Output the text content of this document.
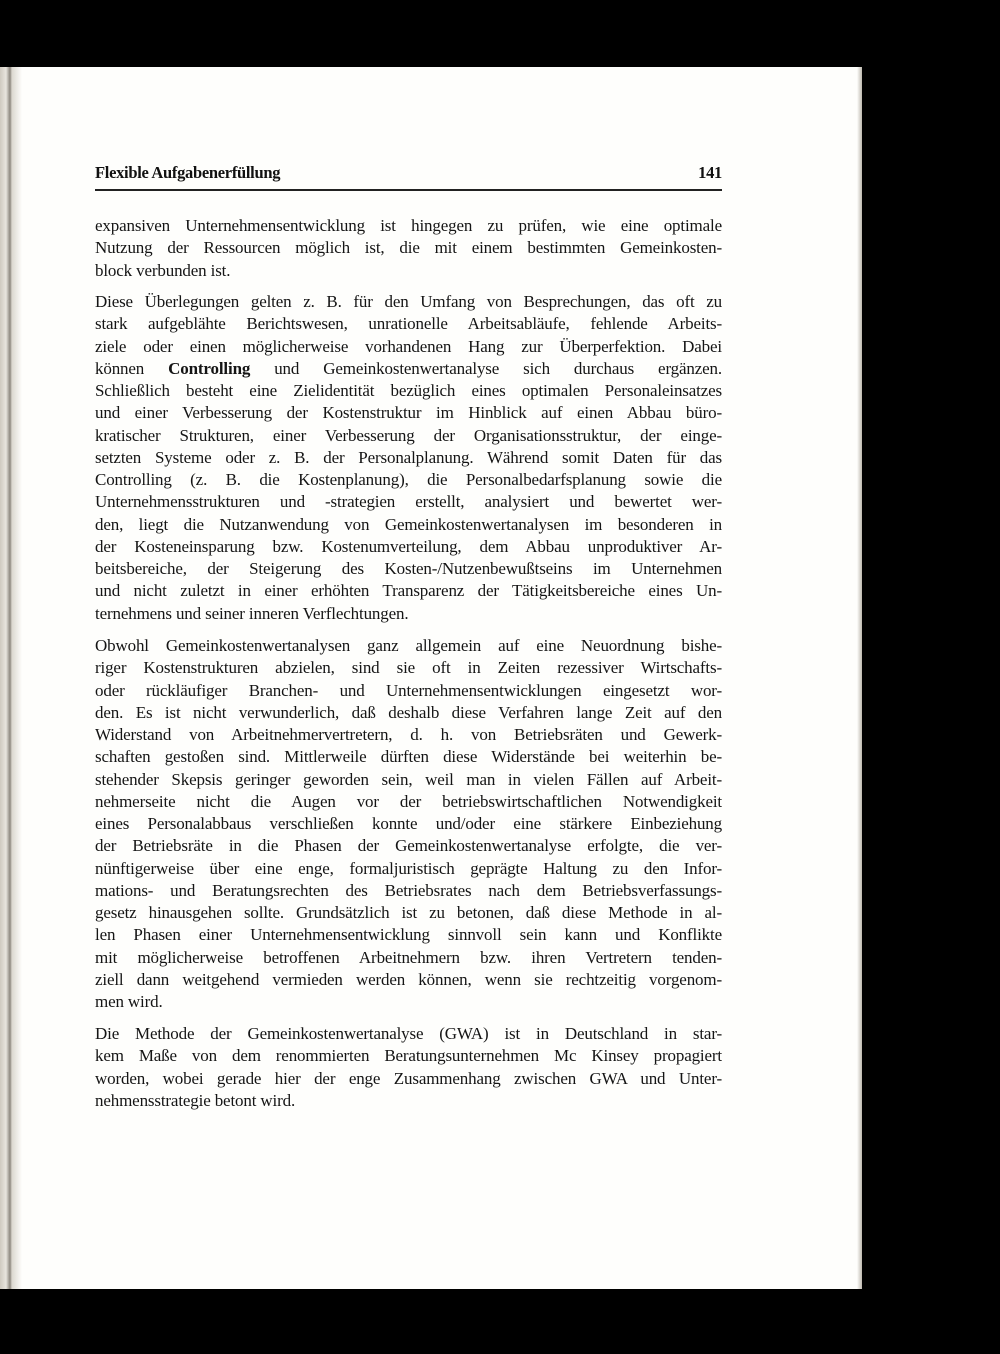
Flexible Aufgabenerfüllung	141
expansiven Unternehmensentwicklung ist hingegen zu prüfen, wie eine optimale
Nutzung der Ressourcen möglich ist, die mit einem bestimmten Gemeinkosten-
block verbunden ist.
Diese Überlegungen gelten z. B. für den Umfang von Besprechungen, das oft zu
stark aufgeblähte Berichtswesen, unrationelle Arbeitsabläufe, fehlende Arbeits-
ziele oder einen möglicherweise vorhandenen Hang zur Überperfektion. Dabei
können Controlling und Gemeinkostenwertanalyse sich durchaus ergänzen.
Schließlich besteht eine Zielidentität bezüglich eines optimalen Personaleinsatzes
und einer Verbesserung der Kostenstruktur im Hinblick auf einen Abbau büro-
kratischer Strukturen, einer Verbesserung der Organisationsstruktur, der einge-
setzten Systeme oder z. B. der Personalplanung. Während somit Daten für das
Controlling (z. B. die Kostenplanung), die Personalbedarfsplanung sowie die
Unternehmensstrukturen und -strategien erstellt, analysiert und bewertet wer-
den, liegt die Nutzanwendung von Gemeinkostenwertanalysen im besonderen in
der Kosteneinsparung bzw. Kostenumverteilung, dem Abbau unproduktiver Ar-
beitsbereiche, der Steigerung des Kosten-/Nutzenbewußtseins im Unternehmen
und nicht zuletzt in einer erhöhten Transparenz der Tätigkeitsbereiche eines Un-
ternehmens und seiner inneren Verflechtungen.
Obwohl Gemeinkostenwertanalysen ganz allgemein auf eine Neuordnung bishe-
riger Kostenstrukturen abzielen, sind sie oft in Zeiten rezessiver Wirtschafts-
oder rückläufiger Branchen- und Unternehmensentwicklungen eingesetzt wor-
den. Es ist nicht verwunderlich, daß deshalb diese Verfahren lange Zeit auf den
Widerstand von Arbeitnehmervertretern, d. h. von Betriebsräten und Gewerk-
schaften gestoßen sind. Mittlerweile dürften diese Widerstände bei weiterhin be-
stehender Skepsis geringer geworden sein, weil man in vielen Fällen auf Arbeit-
nehmerseite nicht die Augen vor der betriebswirtschaftlichen Notwendigkeit
eines Personalabbaus verschließen konnte und/oder eine stärkere Einbeziehung
der Betriebsräte in die Phasen der Gemeinkostenwertanalyse erfolgte, die ver-
nünftigerweise über eine enge, formaljuristisch geprägte Haltung zu den Infor-
mations- und Beratungsrechten des Betriebsrates nach dem Betriebsverfassungs-
gesetz hinausgehen sollte. Grundsätzlich ist zu betonen, daß diese Methode in al-
len Phasen einer Unternehmensentwicklung sinnvoll sein kann und Konflikte
mit möglicherweise betroffenen Arbeitnehmern bzw. ihren Vertretern tenden-
ziell dann weitgehend vermieden werden können, wenn sie rechtzeitig vorgenom-
men wird.
Die Methode der Gemeinkostenwertanalyse (GWA) ist in Deutschland in star-
kem Maße von dem renommierten Beratungsunternehmen Mc Kinsey propagiert
worden, wobei gerade hier der enge Zusammenhang zwischen GWA und Unter-
nehmensstrategie betont wird.
